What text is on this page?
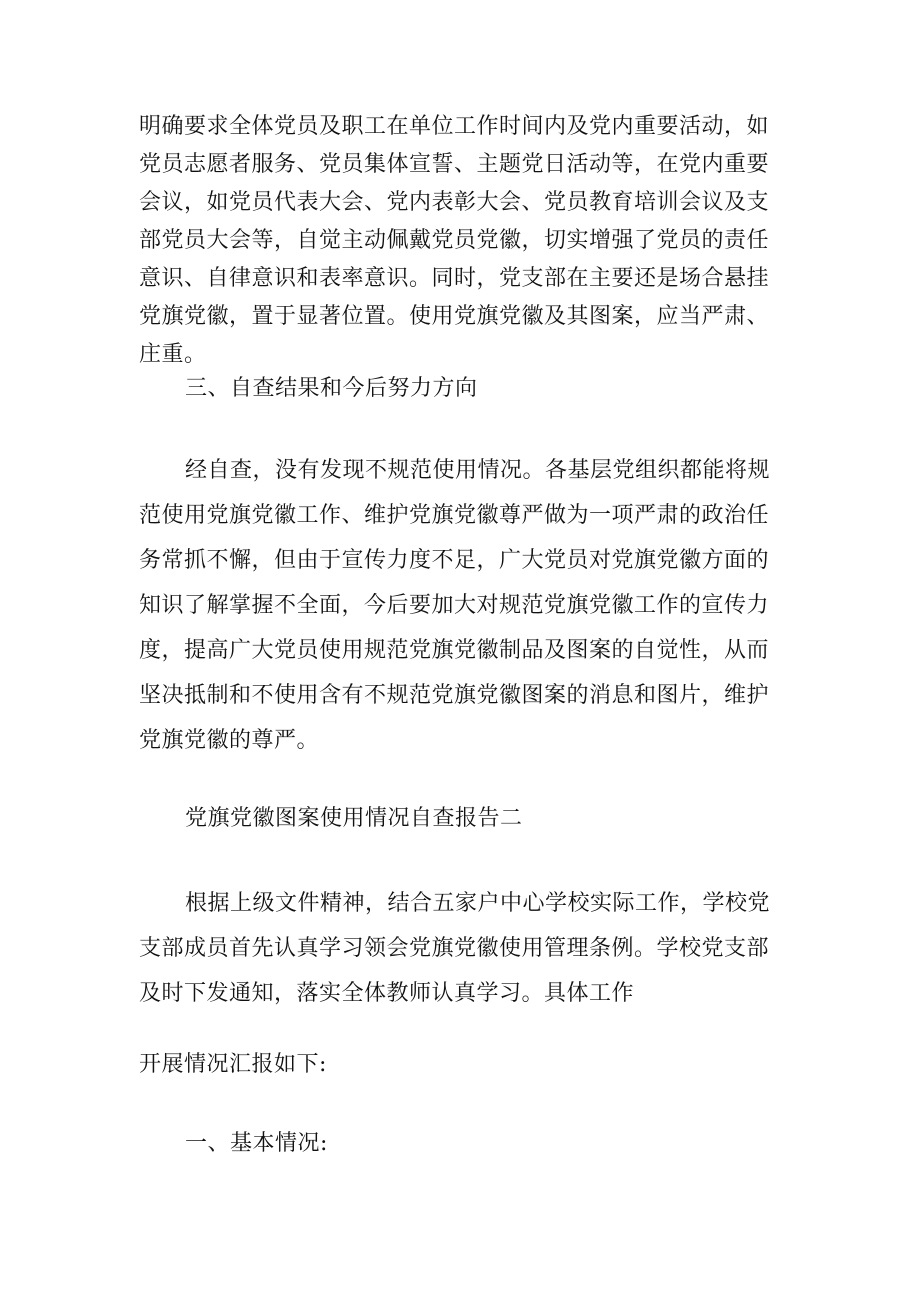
明确要求全体党员及职工在单位工作时间内及党内重要活动，如
党员志愿者服务、党员集体宣誓、主题党日活动等，在党内重要
会议，如党员代表大会、党内表彰大会、党员教育培训会议及支
部党员大会等，自觉主动佩戴党员党徽，切实增强了党员的责任
意识、自律意识和表率意识。同时，党支部在主要还是场合悬挂
党旗党徽，置于显著位置。使用党旗党徽及其图案，应当严肃、
庄重。
三、自查结果和今后努力方向
经自查，没有发现不规范使用情况。各基层党组织都能将规
范使用党旗党徽工作、维护党旗党徽尊严做为一项严肃的政治任
务常抓不懈，但由于宣传力度不足，广大党员对党旗党徽方面的
知识了解掌握不全面，今后要加大对规范党旗党徽工作的宣传力
度，提高广大党员使用规范党旗党徽制品及图案的自觉性，从而
坚决抵制和不使用含有不规范党旗党徽图案的消息和图片，维护
党旗党徽的尊严。
党旗党徽图案使用情况自查报告二
根据上级文件精神，结合五家户中心学校实际工作，学校党
支部成员首先认真学习领会党旗党徽使用管理条例。学校党支部
及时下发通知，落实全体教师认真学习。具体工作
开展情况汇报如下:
一、基本情况:
